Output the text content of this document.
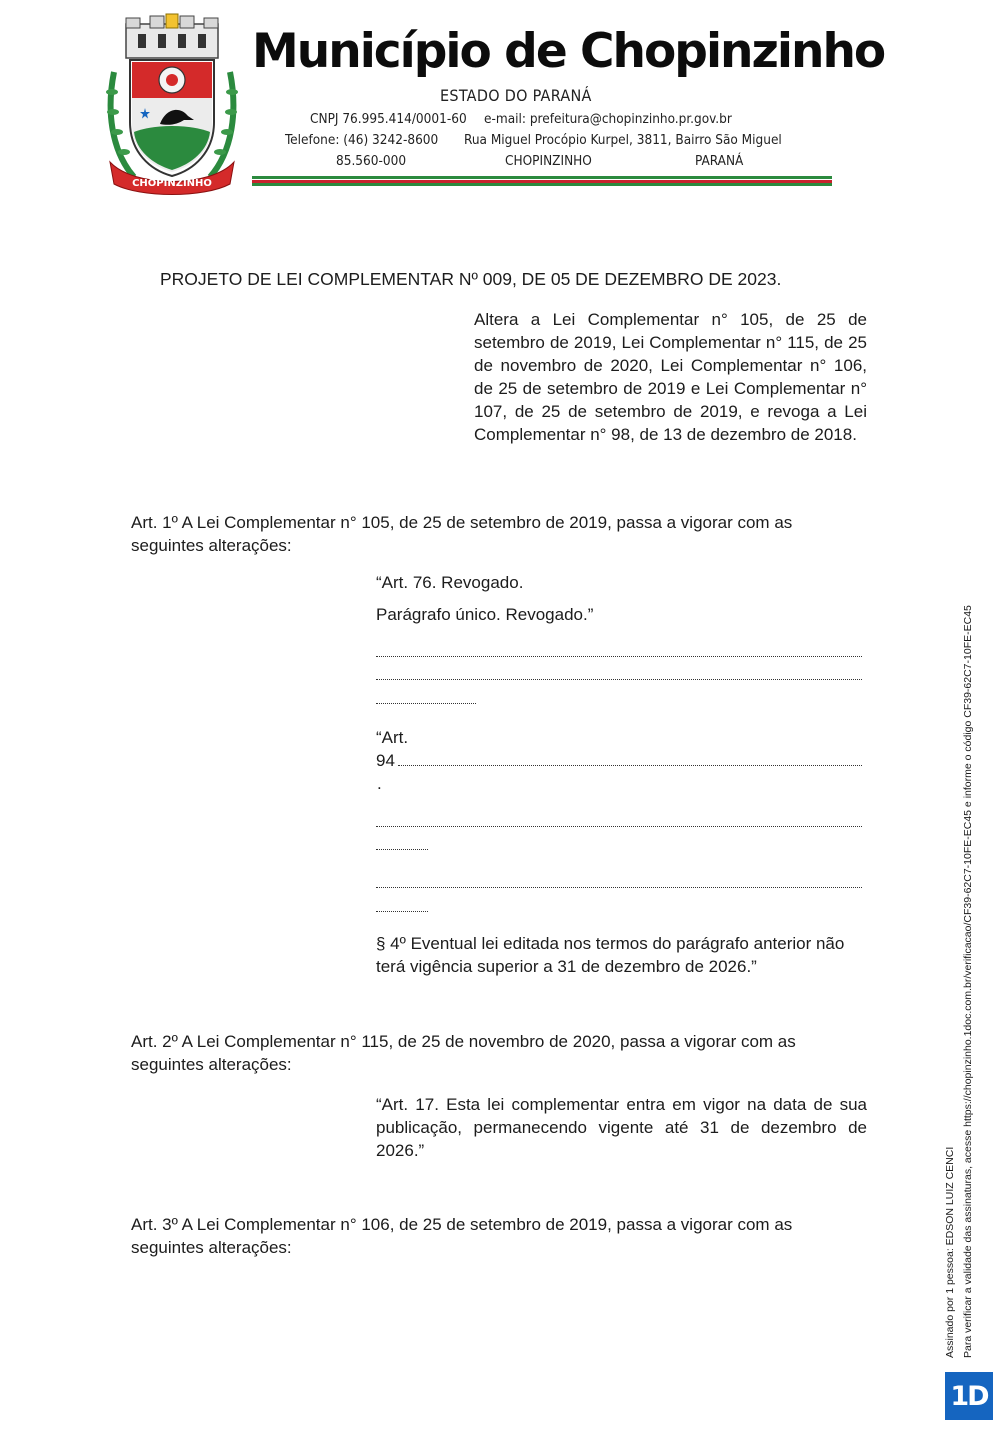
CHOPINZINHO
Município de Chopinzinho
ESTADO DO PARANÁ
CNPJ 76.995.414/0001-60 e-mail: prefeitura@chopinzinho.pr.gov.br
Telefone: (46) 3242-8600 Rua Miguel Procópio Kurpel, 3811, Bairro São Miguel
85.560-000	CHOPINZINHO	PARANÁ
PROJETO DE LEI COMPLEMENTAR Nº 009, DE 05 DE DEZEMBRO DE 2023.
Altera a Lei Complementar n° 105, de 25 de setembro de 2019, Lei Complementar n° 115, de 25 de novembro de 2020, Lei Complementar n° 106, de 25 de setembro de 2019 e Lei Complementar n° 107, de 25 de setembro de 2019, e revoga a Lei Complementar n° 98, de 13 de dezembro de 2018.
Art. 1º A Lei Complementar n° 105, de 25 de setembro de 2019, passa a vigorar com as seguintes alterações:
“Art. 76. Revogado.
Parágrafo único. Revogado.”
“Art.
94
.
§ 4º Eventual lei editada nos termos do parágrafo anterior não terá vigência superior a 31 de dezembro de 2026.”
Art. 2º A Lei Complementar n° 115, de 25 de novembro de 2020, passa a vigorar com as seguintes alterações:
“Art. 17. Esta lei complementar entra em vigor na data de sua publicação, permanecendo vigente até 31 de dezembro de 2026.”
Art. 3º A Lei Complementar n° 106, de 25 de setembro de 2019, passa a vigorar com as seguintes alterações:	Assinado por 1 pessoa: EDSON LUIZ CENCI Para verificar a validade das assinaturas, acesse https://chopinzinho.1doc.com.br/verificacao/CF39-62C7-10FE-EC45 e informe o código CF39-62C7-10FE-EC45
1D
